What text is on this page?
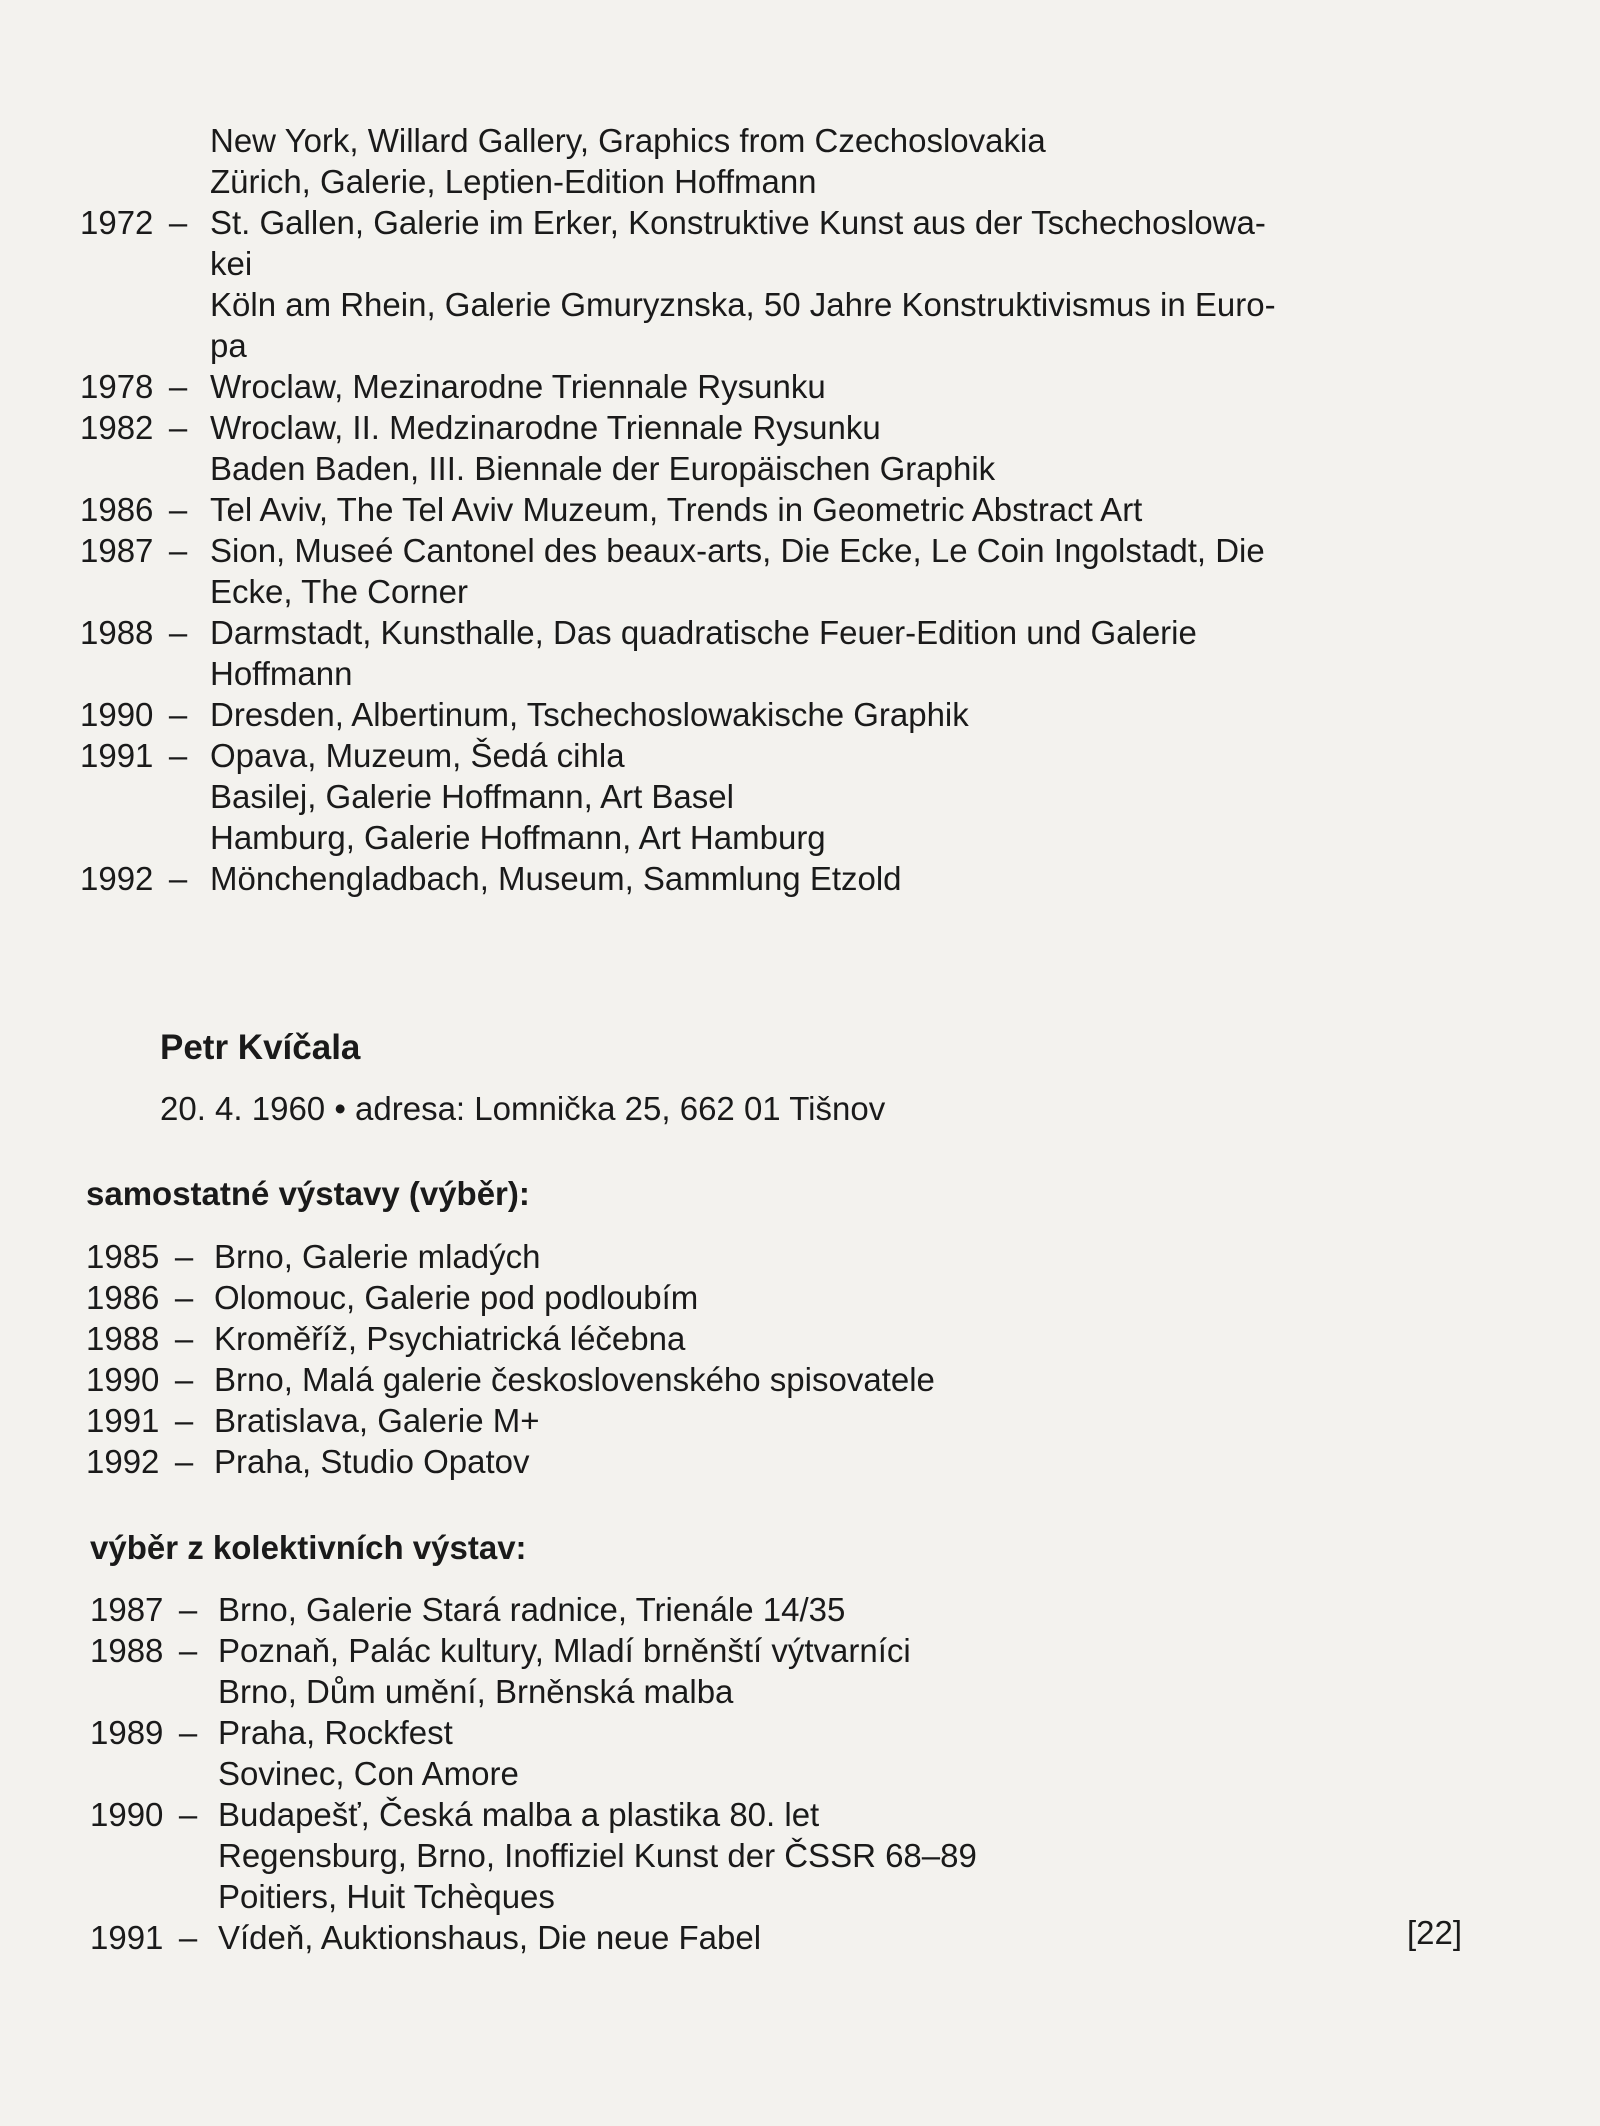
New York, Willard Gallery, Graphics from Czechoslovakia
Zürich, Galerie, Leptien-Edition Hoffmann
1972 – St. Gallen, Galerie im Erker, Konstruktive Kunst aus der Tschechoslowa-
kei
Köln am Rhein, Galerie Gmuryznska, 50 Jahre Konstruktivismus in Euro-
pa
1978 – Wroclaw, Mezinarodne Triennale Rysunku
1982 – Wroclaw, II. Medzinarodne Triennale Rysunku
Baden Baden, III. Biennale der Europäischen Graphik
1986 – Tel Aviv, The Tel Aviv Muzeum, Trends in Geometric Abstract Art
1987 – Sion, Museé Cantonel des beaux-arts, Die Ecke, Le Coin Ingolstadt, Die
Ecke, The Corner
1988 – Darmstadt, Kunsthalle, Das quadratische Feuer-Edition und Galerie
Hoffmann
1990 – Dresden, Albertinum, Tschechoslowakische Graphik
1991 – Opava, Muzeum, Šedá cihla
Basilej, Galerie Hoffmann, Art Basel
Hamburg, Galerie Hoffmann, Art Hamburg
1992 – Mönchengladbach, Museum, Sammlung Etzold
Petr Kvíčala
20. 4. 1960 • adresa: Lomnička 25, 662 01 Tišnov
samostatné výstavy (výběr):
1985 – Brno, Galerie mladých
1986 – Olomouc, Galerie pod podloubím
1988 – Kroměříž, Psychiatrická léčebna
1990 – Brno, Malá galerie československého spisovatele
1991 – Bratislava, Galerie M+
1992 – Praha, Studio Opatov
výběr z kolektivních výstav:
1987 – Brno, Galerie Stará radnice, Trienále 14/35
1988 – Poznaň, Palác kultury, Mladí brněnští výtvarníci
Brno, Dům umění, Brněnská malba
1989 – Praha, Rockfest
Sovinec, Con Amore
1990 – Budapešť, Česká malba a plastika 80. let
Regensburg, Brno, Inoffiziel Kunst der ČSSR 68–89
Poitiers, Huit Tchèques
1991 – Vídeň, Auktionshaus, Die neue Fabel	[22]
